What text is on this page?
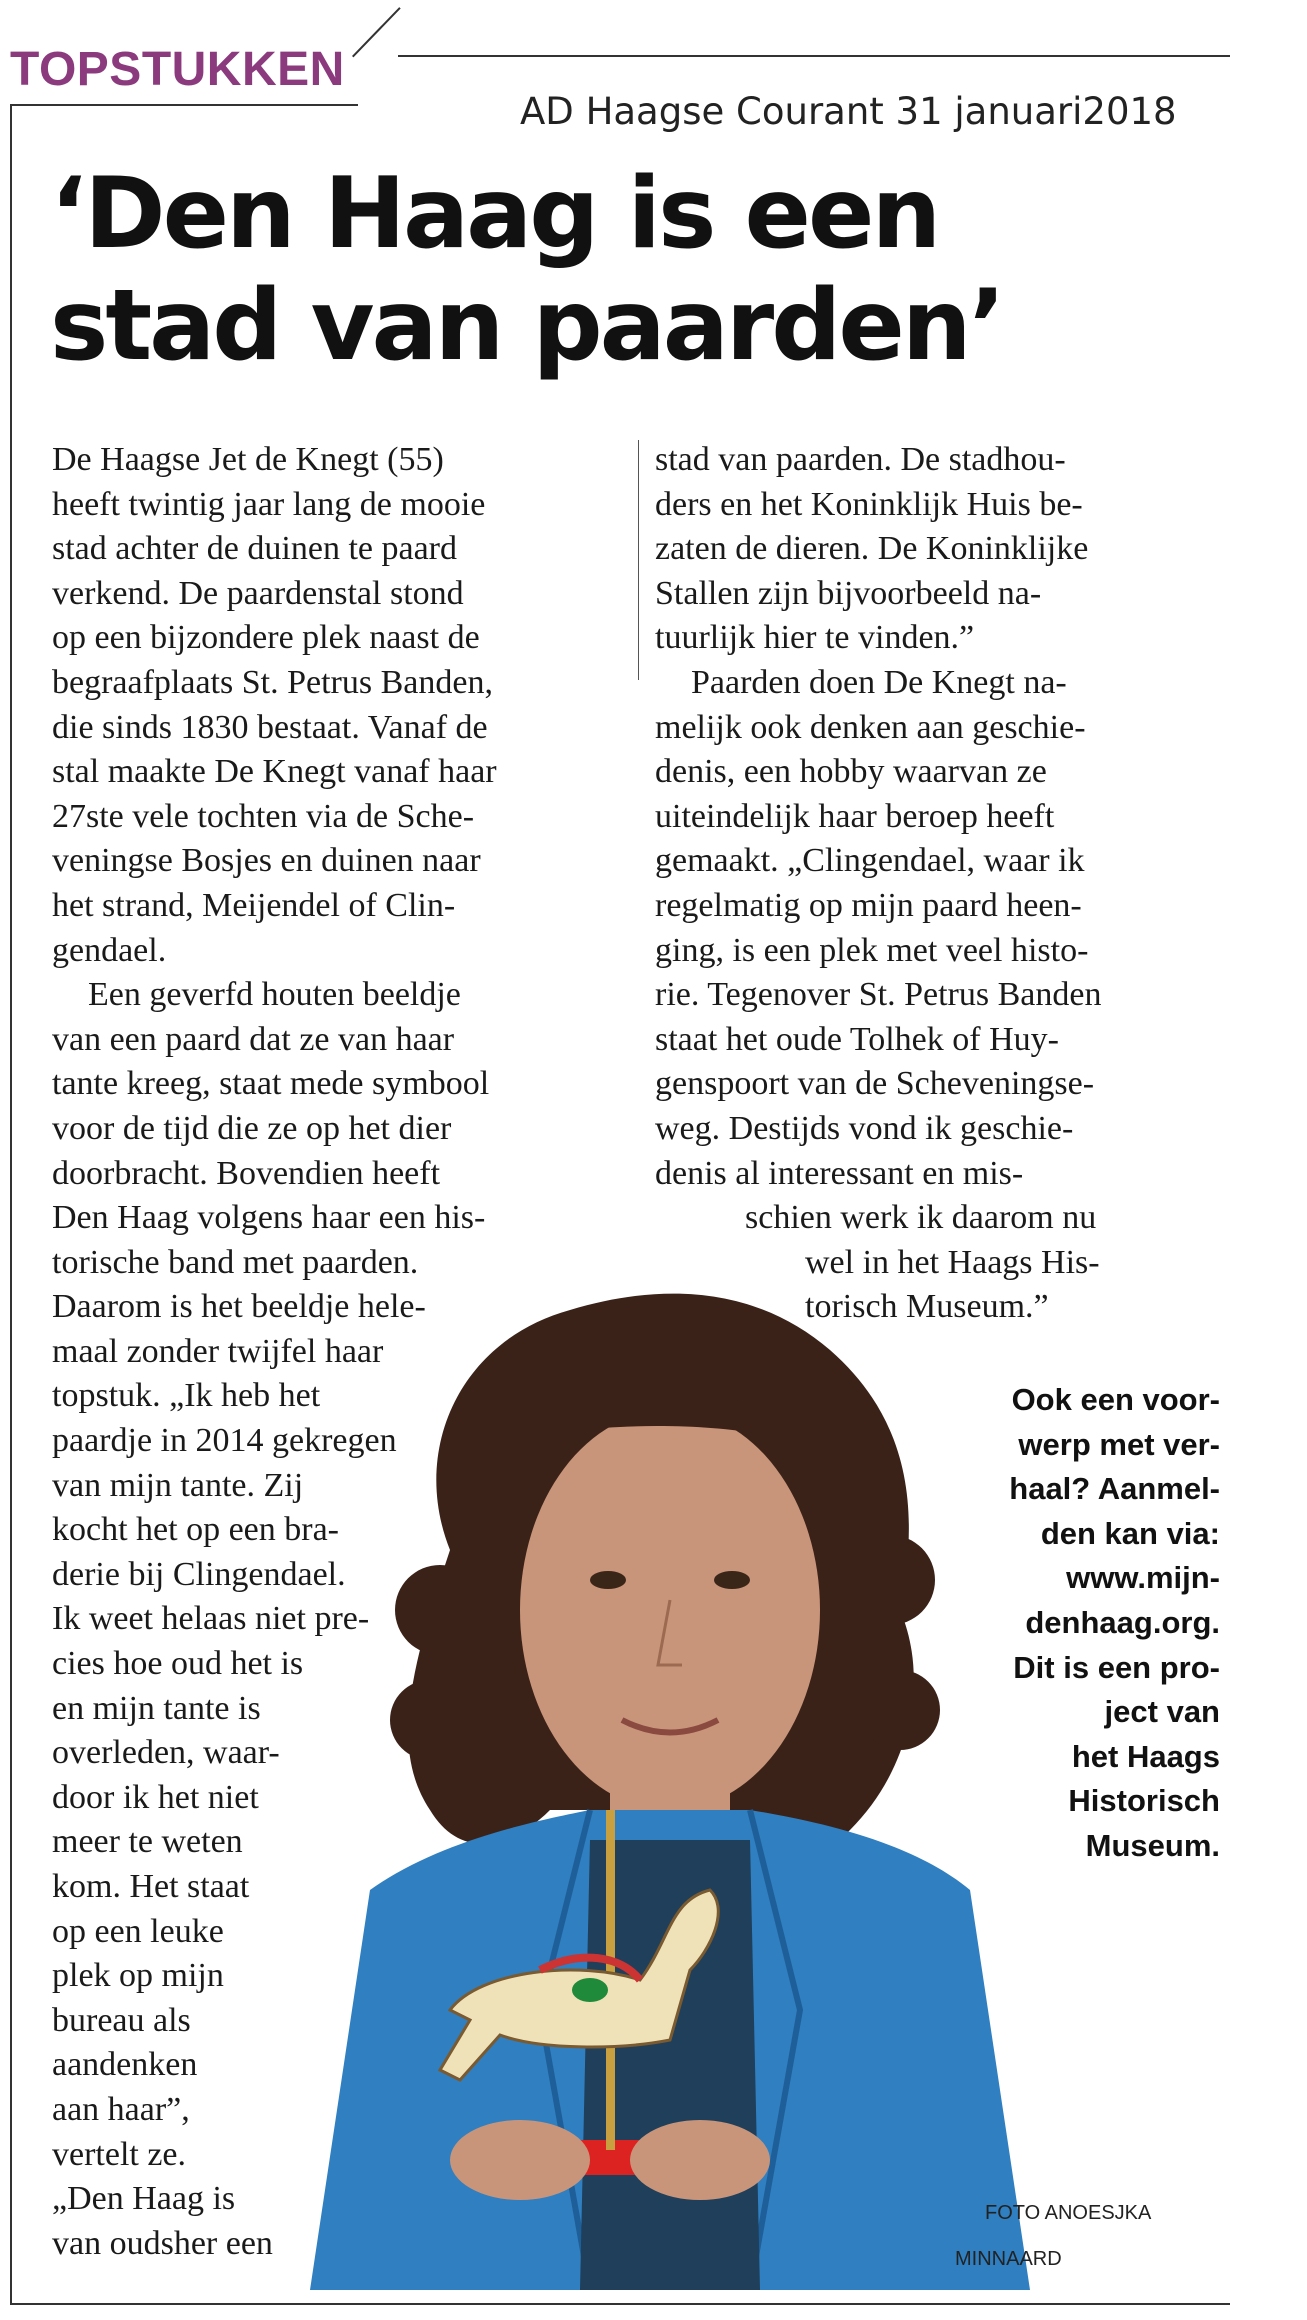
TOPSTUKKEN
AD Haagse Courant 31 januari2018
‘Den Haag is een
stad van paarden’
De Haagse Jet de Knegt (55)
heeft twintig jaar lang de mooie
stad achter de duinen te paard
verkend. De paardenstal stond
op een bijzondere plek naast de
begraafplaats St. Petrus Banden,
die sinds 1830 bestaat. Vanaf de
stal maakte De Knegt vanaf haar
27ste vele tochten via de Sche-
veningse Bosjes en duinen naar
het strand, Meijendel of Clin-
gendael.
Een geverfd houten beeldje
van een paard dat ze van haar
tante kreeg, staat mede symbool
voor de tijd die ze op het dier
doorbracht. Bovendien heeft
Den Haag volgens haar een his-
torische band met paarden.
Daarom is het beeldje hele-
maal zonder twijfel haar
topstuk. „Ik heb het
paardje in 2014 gekregen
van mijn tante. Zij
kocht het op een bra-
derie bij Clingendael.
Ik weet helaas niet pre-
cies hoe oud het is
en mijn tante is
overleden, waar-
door ik het niet
meer te weten
kom. Het staat
op een leuke
plek op mijn
bureau als
aandenken
aan haar”,
vertelt ze.
„Den Haag is
van oudsher een
stad van paarden. De stadhou-
ders en het Koninklijk Huis be-
zaten de dieren. De Koninklijke
Stallen zijn bijvoorbeeld na-
tuurlijk hier te vinden.”
Paarden doen De Knegt na-
melijk ook denken aan geschie-
denis, een hobby waarvan ze
uiteindelijk haar beroep heeft
gemaakt. „Clingendael, waar ik
regelmatig op mijn paard heen-
ging, is een plek met veel histo-
rie. Tegenover St. Petrus Banden
staat het oude Tolhek of Huy-
genspoort van de Scheveningse-
weg. Destijds vond ik geschie-
denis al interessant en mis-
schien werk ik daarom nu
wel in het Haags His-
torisch Museum.”
Ook een voor-
werp met ver-
haal? Aanmel-
den kan via:
www.mijn-
denhaag.org.
Dit is een pro-
ject van
het Haags
Historisch
Museum.
FOTO ANOESJKA
MINNAARD
